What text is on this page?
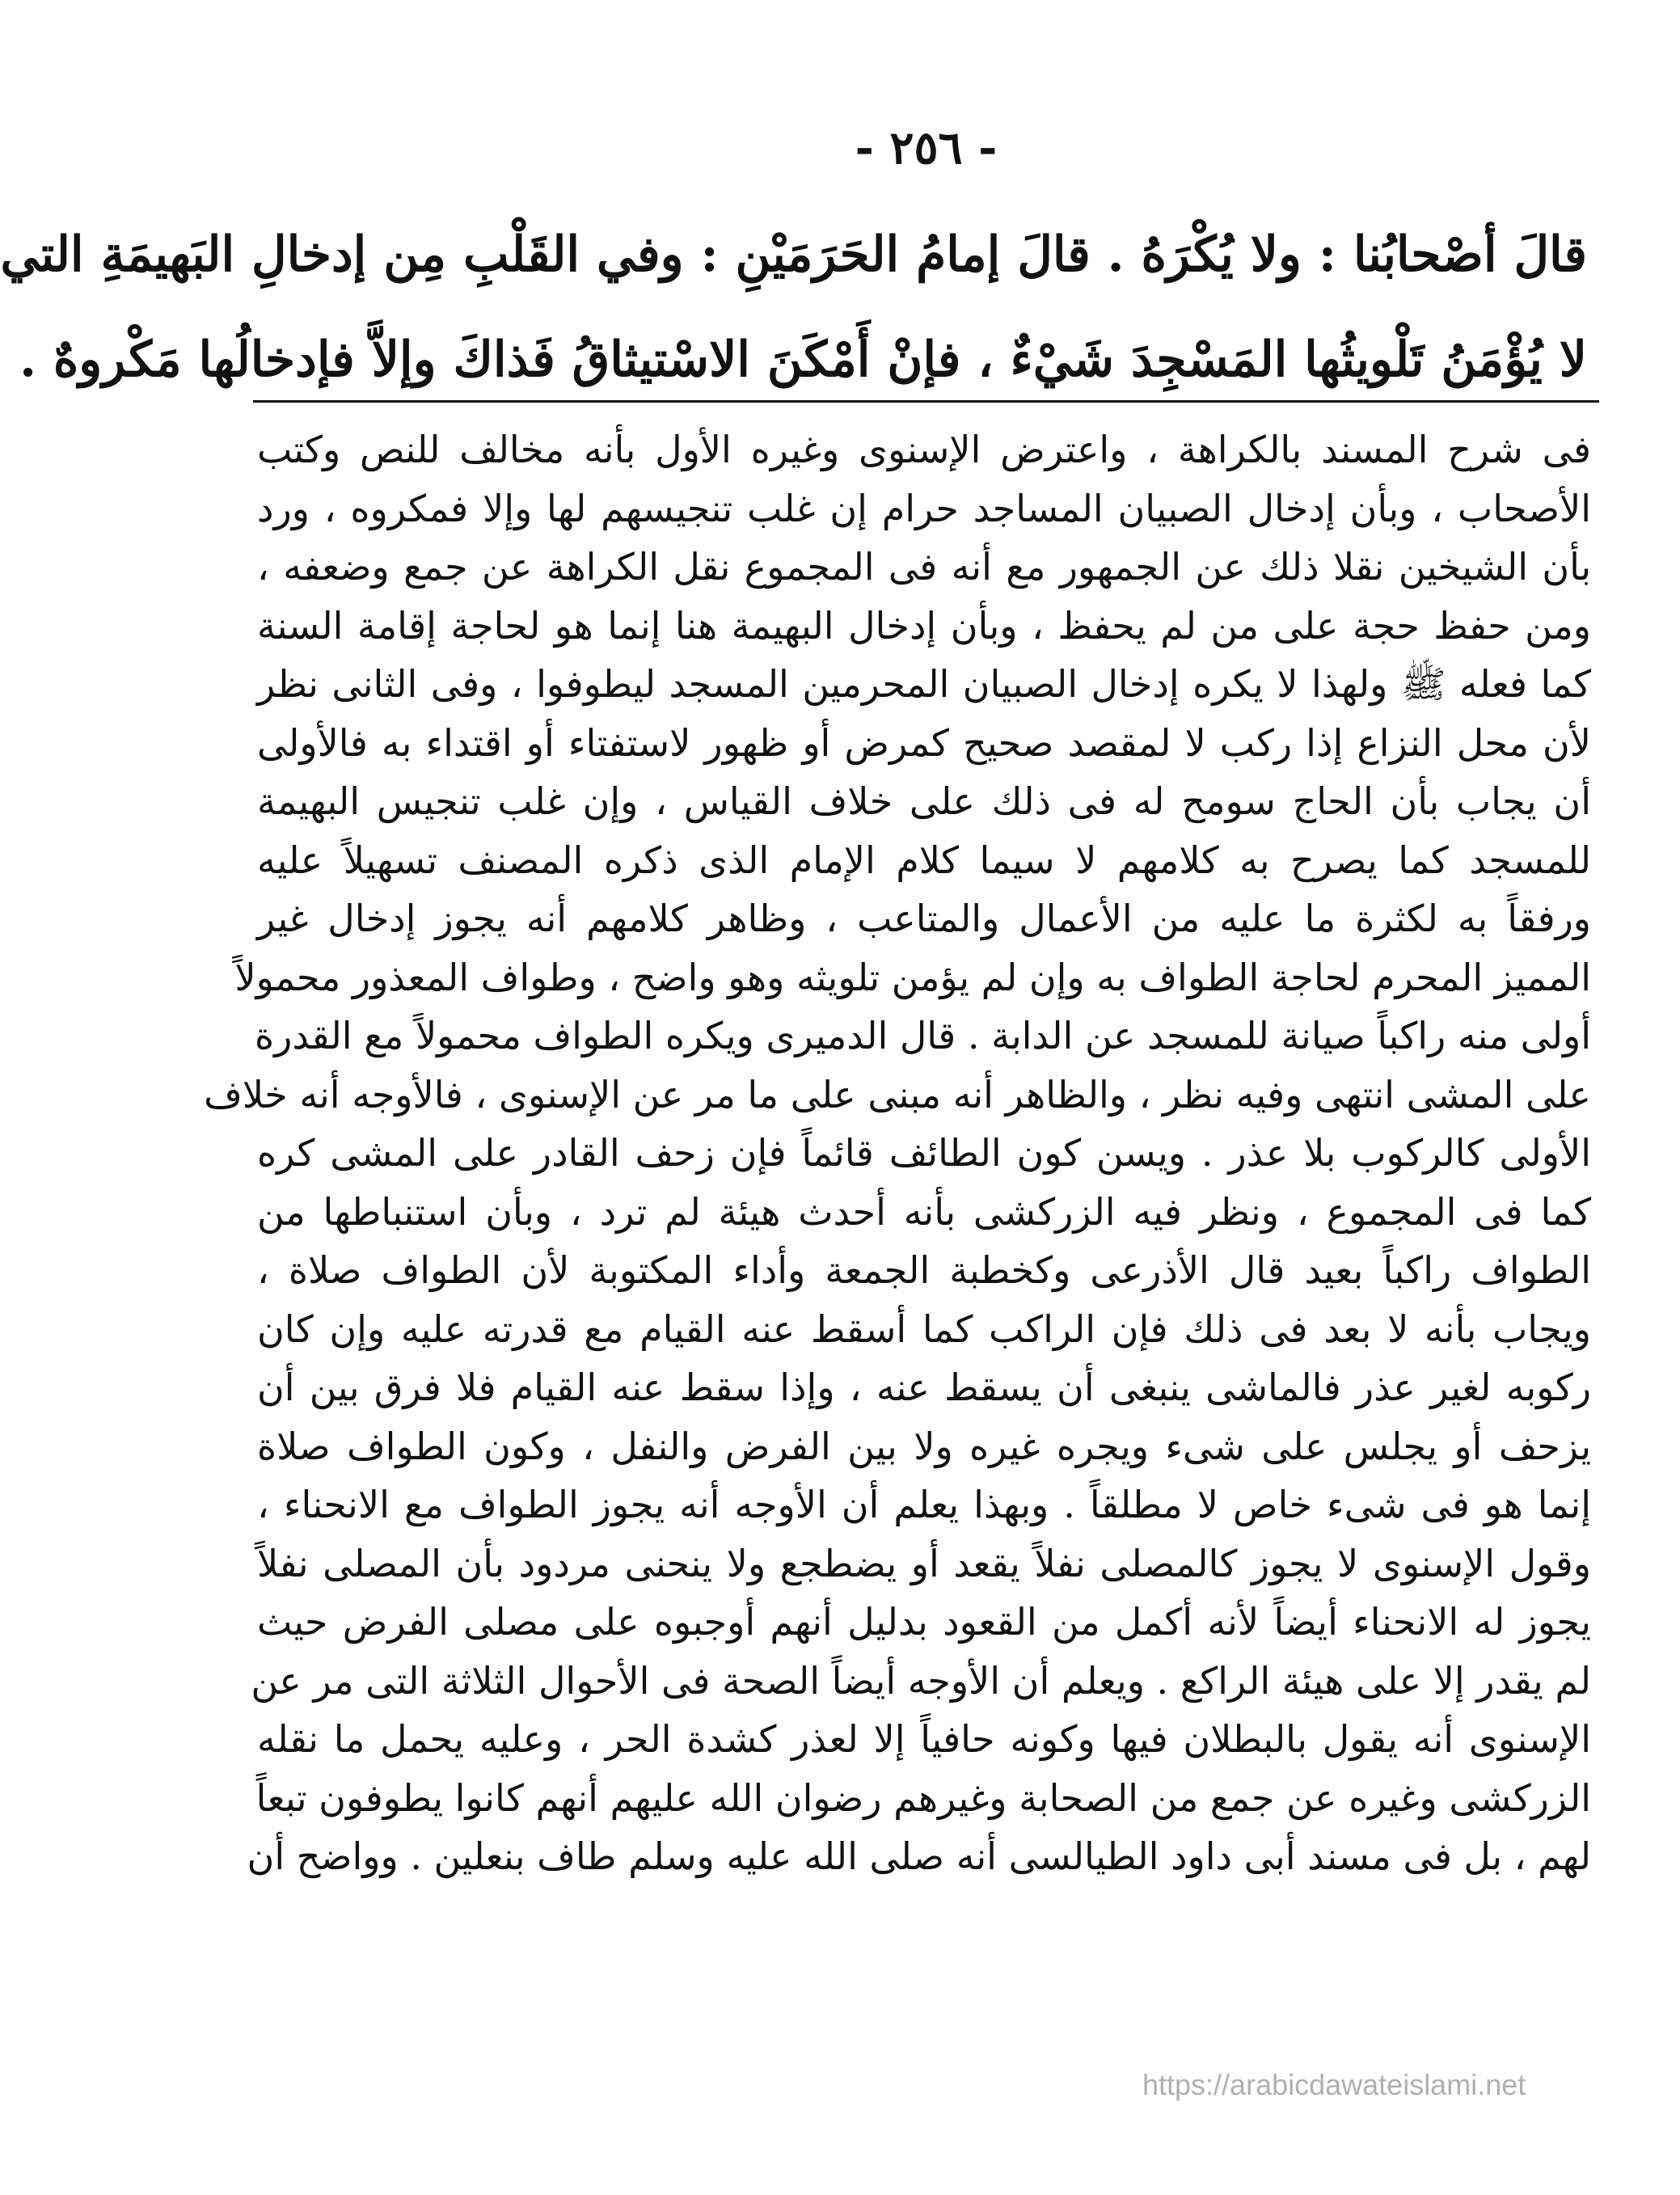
- ٢٥٦ -
قالَ أصْحابُنا : ولا يُكْرَهُ . قالَ إمامُ الحَرَمَيْنِ : وفي القَلْبِ مِن إدخالِ البَهيمَةِ التي
لا يُؤْمَنُ تَلْويثُها المَسْجِدَ شَيْءٌ ، فإنْ أَمْكَنَ الاسْتيثاقُ فَذاكَ وإلاَّ فإدخالُها مَكْروهٌ .
فى شرح المسند بالكراهة ، واعترض الإسنوى وغيره الأول بأنه مخالف للنص وكتب
الأصحاب ، وبأن إدخال الصبيان المساجد حرام إن غلب تنجيسهم لها وإلا فمكروه ، ورد
بأن الشيخين نقلا ذلك عن الجمهور مع أنه فى المجموع نقل الكراهة عن جمع وضعفه ،
ومن حفظ حجة على من لم يحفظ ، وبأن إدخال البهيمة هنا إنما هو لحاجة إقامة السنة
كما فعله ﷺ ولهذا لا يكره إدخال الصبيان المحرمين المسجد ليطوفوا ، وفى الثانى نظر
لأن محل النزاع إذا ركب لا لمقصد صحيح كمرض أو ظهور لاستفتاء أو اقتداء به فالأولى
أن يجاب بأن الحاج سومح له فى ذلك على خلاف القياس ، وإن غلب تنجيس البهيمة
للمسجد كما يصرح به كلامهم لا سيما كلام الإمام الذى ذكره المصنف تسهيلاً عليه
ورفقاً به لكثرة ما عليه من الأعمال والمتاعب ، وظاهر كلامهم أنه يجوز إدخال غير
المميز المحرم لحاجة الطواف به وإن لم يؤمن تلويثه وهو واضح ، وطواف المعذور محمولاً
أولى منه راكباً صيانة للمسجد عن الدابة . قال الدميرى ويكره الطواف محمولاً مع القدرة
على المشى انتهى وفيه نظر ، والظاهر أنه مبنى على ما مر عن الإسنوى ، فالأوجه أنه خلاف
الأولى كالركوب بلا عذر . ويسن كون الطائف قائماً فإن زحف القادر على المشى كره
كما فى المجموع ، ونظر فيه الزركشى بأنه أحدث هيئة لم ترد ، وبأن استنباطها من
الطواف راكباً بعيد قال الأذرعى وكخطبة الجمعة وأداء المكتوبة لأن الطواف صلاة ،
ويجاب بأنه لا بعد فى ذلك فإن الراكب كما أسقط عنه القيام مع قدرته عليه وإن كان
ركوبه لغير عذر فالماشى ينبغى أن يسقط عنه ، وإذا سقط عنه القيام فلا فرق بين أن
يزحف أو يجلس على شىء ويجره غيره ولا بين الفرض والنفل ، وكون الطواف صلاة
إنما هو فى شىء خاص لا مطلقاً . وبهذا يعلم أن الأوجه أنه يجوز الطواف مع الانحناء ،
وقول الإسنوى لا يجوز كالمصلى نفلاً يقعد أو يضطجع ولا ينحنى مردود بأن المصلى نفلاً
يجوز له الانحناء أيضاً لأنه أكمل من القعود بدليل أنهم أوجبوه على مصلى الفرض حيث
لم يقدر إلا على هيئة الراكع . ويعلم أن الأوجه أيضاً الصحة فى الأحوال الثلاثة التى مر عن
الإسنوى أنه يقول بالبطلان فيها وكونه حافياً إلا لعذر كشدة الحر ، وعليه يحمل ما نقله
الزركشى وغيره عن جمع من الصحابة وغيرهم رضوان الله عليهم أنهم كانوا يطوفون تبعاً
لهم ، بل فى مسند أبى داود الطيالسى أنه صلى الله عليه وسلم طاف بنعلين . وواضح أن
https://arabicdawateislami.net
